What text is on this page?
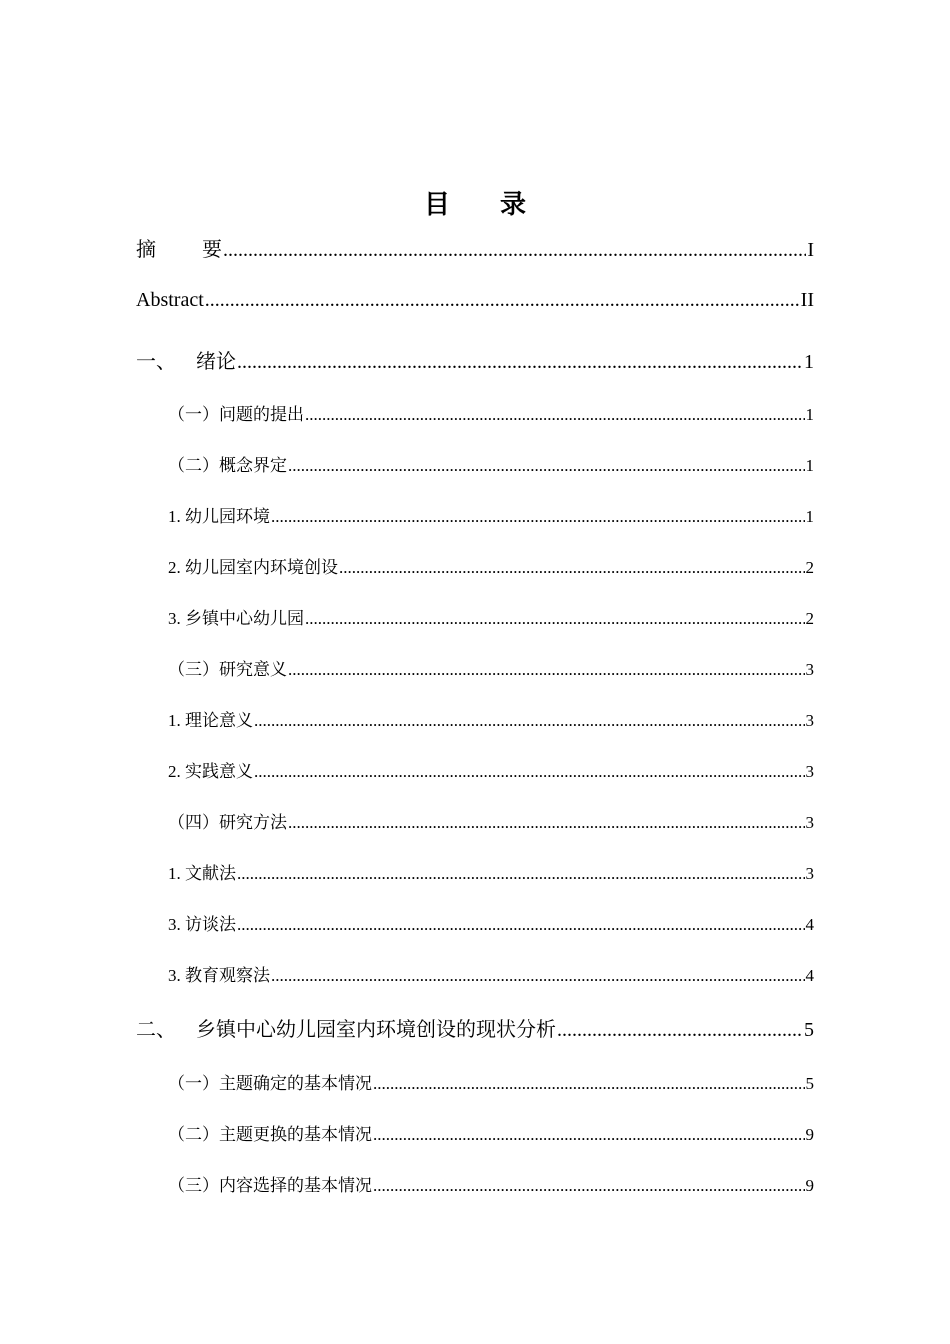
目 录
摘 要 .....	I
Abstract .....	II
一、 绪论 .....	1
（一）问题的提出 .....	1
（二）概念界定 .....	1
1. 幼儿园环境 .....	1
2. 幼儿园室内环境创设 .....	2
3. 乡镇中心幼儿园 .....	2
（三）研究意义 .....	3
1. 理论意义 .....	3
2. 实践意义 .....	3
（四）研究方法 .....	3
1. 文献法 .....	3
3. 访谈法 .....	4
3. 教育观察法 .....	4
二、 乡镇中心幼儿园室内环境创设的现状分析 .....	5
（一）主题确定的基本情况 .....	5
（二）主题更换的基本情况 .....	9
（三）内容选择的基本情况 .....	9
